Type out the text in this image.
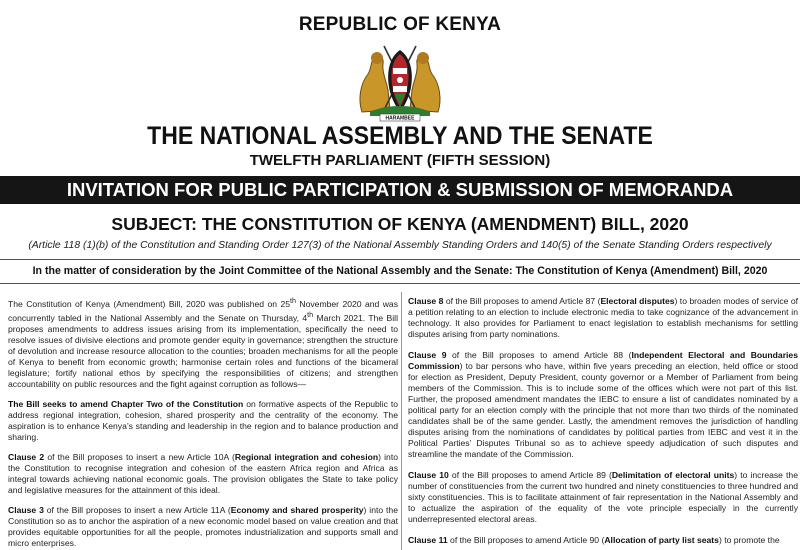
REPUBLIC OF KENYA
HARAMBEE
THE NATIONAL ASSEMBLY AND THE SENATE
TWELFTH PARLIAMENT (FIFTH SESSION)
INVITATION FOR PUBLIC PARTICIPATION & SUBMISSION OF MEMORANDA
SUBJECT: THE CONSTITUTION OF KENYA (AMENDMENT) BILL, 2020
(Article 118 (1)(b) of the Constitution and Standing Order 127(3) of the National Assembly Standing Orders and 140(5) of the Senate Standing Orders respectively
In the matter of consideration by the Joint Committee of the National Assembly and the Senate: The Constitution of Kenya (Amendment) Bill, 2020

The Constitution of Kenya (Amendment) Bill, 2020 was published on 25th November 2020 and was concurrently tabled in the National Assembly and the Senate on Thursday, 4th March 2021. The Bill proposes amendments to address issues arising from its implementation, specifically the need to resolve issues of divisive elections and promote gender equity in governance; strengthen the structure of devolution and increase resource allocation to the counties; broaden mechanisms for all the people of Kenya to benefit from economic growth; harmonise certain roles and functions of the bicameral legislature; fortify national ethos by specifying the responsibilities of citizens; and strengthen accountability on public resources and the fight against corruption as follows—

The Bill seeks to amend Chapter Two of the Constitution on formative aspects of the Republic to address regional integration, cohesion, shared prosperity and the centrality of the economy. The aspiration is to enhance Kenya’s standing and leadership in the region and to balance production and sharing.

Clause 2 of the Bill proposes to insert a new Article 10A (Regional integration and cohesion) into the Constitution to recognise integration and cohesion of the eastern Africa region and Africa as integral towards achieving national economic goals. The provision obligates the State to take policy and legislative measures for the attainment of this ideal.

Clause 3 of the Bill proposes to insert a new Article 11A (Economy and shared prosperity) into the Constitution so as to anchor the aspiration of a new economic model based on value creation and that provides equitable opportunities for all the people, promotes industrialization and supports small and micro enterprises.

Clause 8 of the Bill proposes to amend Article 87 (Electoral disputes) to broaden modes of service of a petition relating to an election to include electronic media to take cognizance of the advancement in technology. It also provides for Parliament to enact legislation to establish mechanisms for settling disputes arising from party nominations.

Clause 9 of the Bill proposes to amend Article 88 (Independent Electoral and Boundaries Commission) to bar persons who have, within five years preceding an election, held office or stood for election as President, Deputy President, county governor or a Member of Parliament from being members of the Commission. This is to include some of the offices which were not part of this list. Further, the proposed amendment mandates the IEBC to ensure a list of candidates nominated by a political party for an election comply with the principle that not more than two thirds of the nominated candidates shall be of the same gender. Lastly, the amendment removes the jurisdiction of handling disputes arising from the nominations of candidates by political parties from IEBC and vest it in the Political Parties’ Disputes Tribunal so as to achieve speedy adjudication of such disputes and streamline the mandate of the Commission.

Clause 10 of the Bill proposes to amend Article 89 (Delimitation of electoral units) to increase the number of constituencies from the current two hundred and ninety constituencies to three hundred and sixty constituencies. This is to facilitate attainment of fair representation in the National Assembly and to actualize the aspiration of the equality of the vote principle especially in the currently underrepresented electoral areas.

Clause 11 of the Bill proposes to amend Article 90 (Allocation of party list seats) to promote the
